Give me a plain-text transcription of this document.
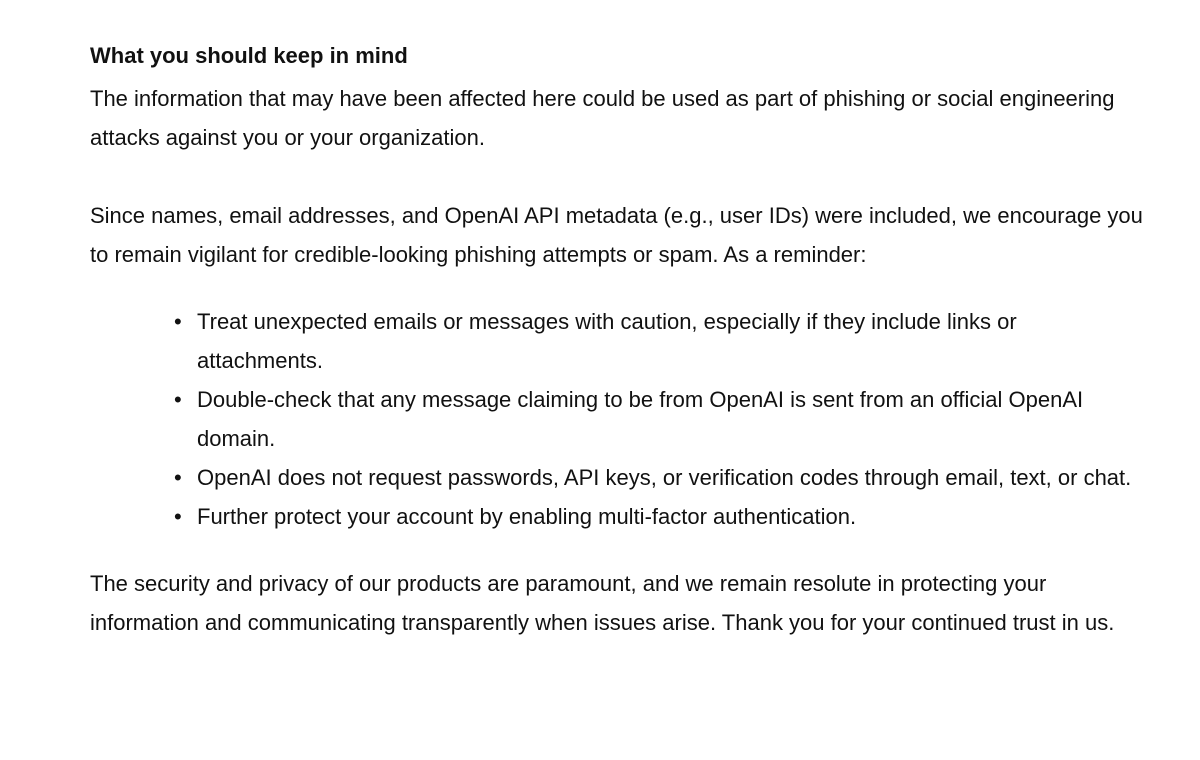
What you should keep in mind

The information that may have been affected here could be used as part of phishing or social engineering attacks against you or your organization.

Since names, email addresses, and OpenAI API metadata (e.g., user IDs) were included, we encourage you to remain vigilant for credible-looking phishing attempts or spam. As a reminder:

• Treat unexpected emails or messages with caution, especially if they include links or attachments.
• Double-check that any message claiming to be from OpenAI is sent from an official OpenAI domain.
• OpenAI does not request passwords, API keys, or verification codes through email, text, or chat.
• Further protect your account by enabling multi-factor authentication.

The security and privacy of our products are paramount, and we remain resolute in protecting your information and communicating transparently when issues arise. Thank you for your continued trust in us.
